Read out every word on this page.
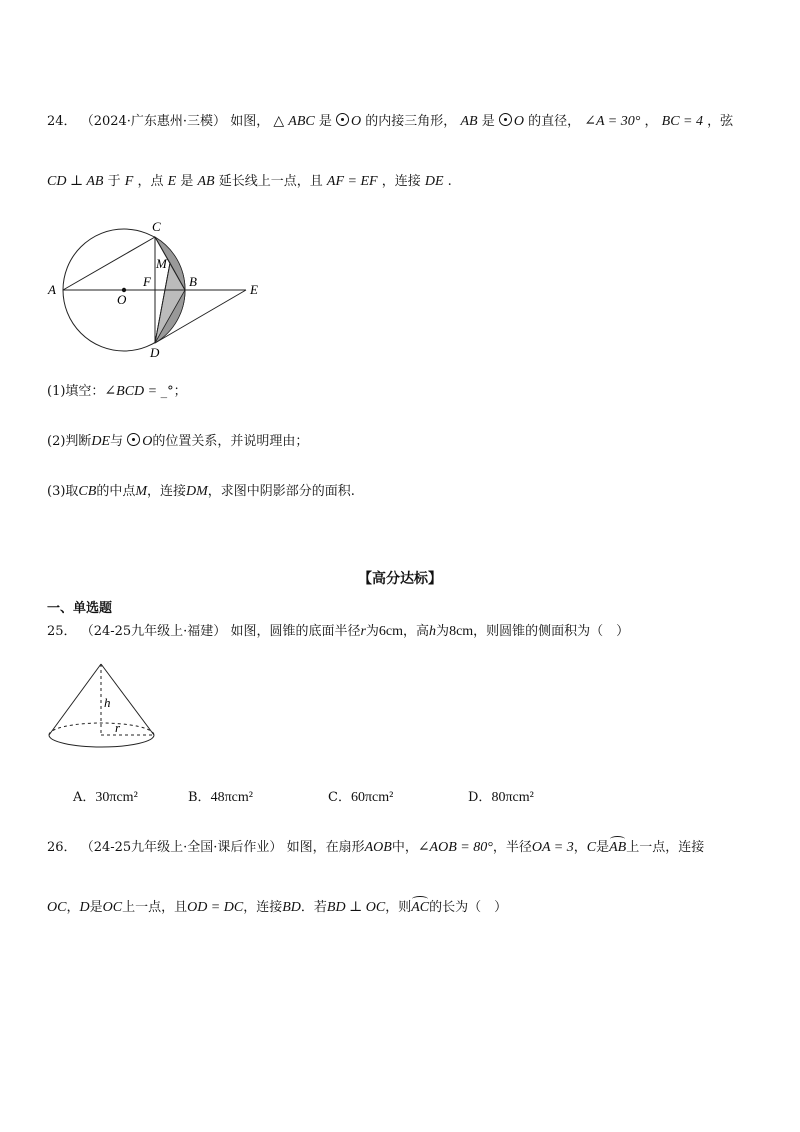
24． （2024·广东惠州·三模） 如图， △ ABC 是 O 的内接三角形， AB 是 O 的直径， ∠A = 30° ， BC = 4 ，弦
CD ⊥ AB 于 F ，点 E 是 AB 延长线上一点，且 AF = EF ，连接 DE .
C
M
A
F	B
E
O
D
(1)填空：∠BCD = _°；
(2)判断DE与 O的位置关系，并说明理由；
(3)取CB的中点M，连接DM，求图中阴影部分的面积.
【高分达标】
一、单选题
25． （24-25九年级上·福建） 如图，圆锥的底面半径r为6cm，高h为8cm，则圆锥的侧面积为（　）
h
r
A．30πcm²	B．48πcm²	C．60πcm²	D．80πcm²
26． （24-25九年级上·全国·课后作业） 如图，在扇形AOB中，∠AOB = 80°，半径OA = 3，C是AB上一点，连接
OC，D是OC上一点，且OD = DC，连接BD．若BD ⊥ OC，则AC的长为（　）
